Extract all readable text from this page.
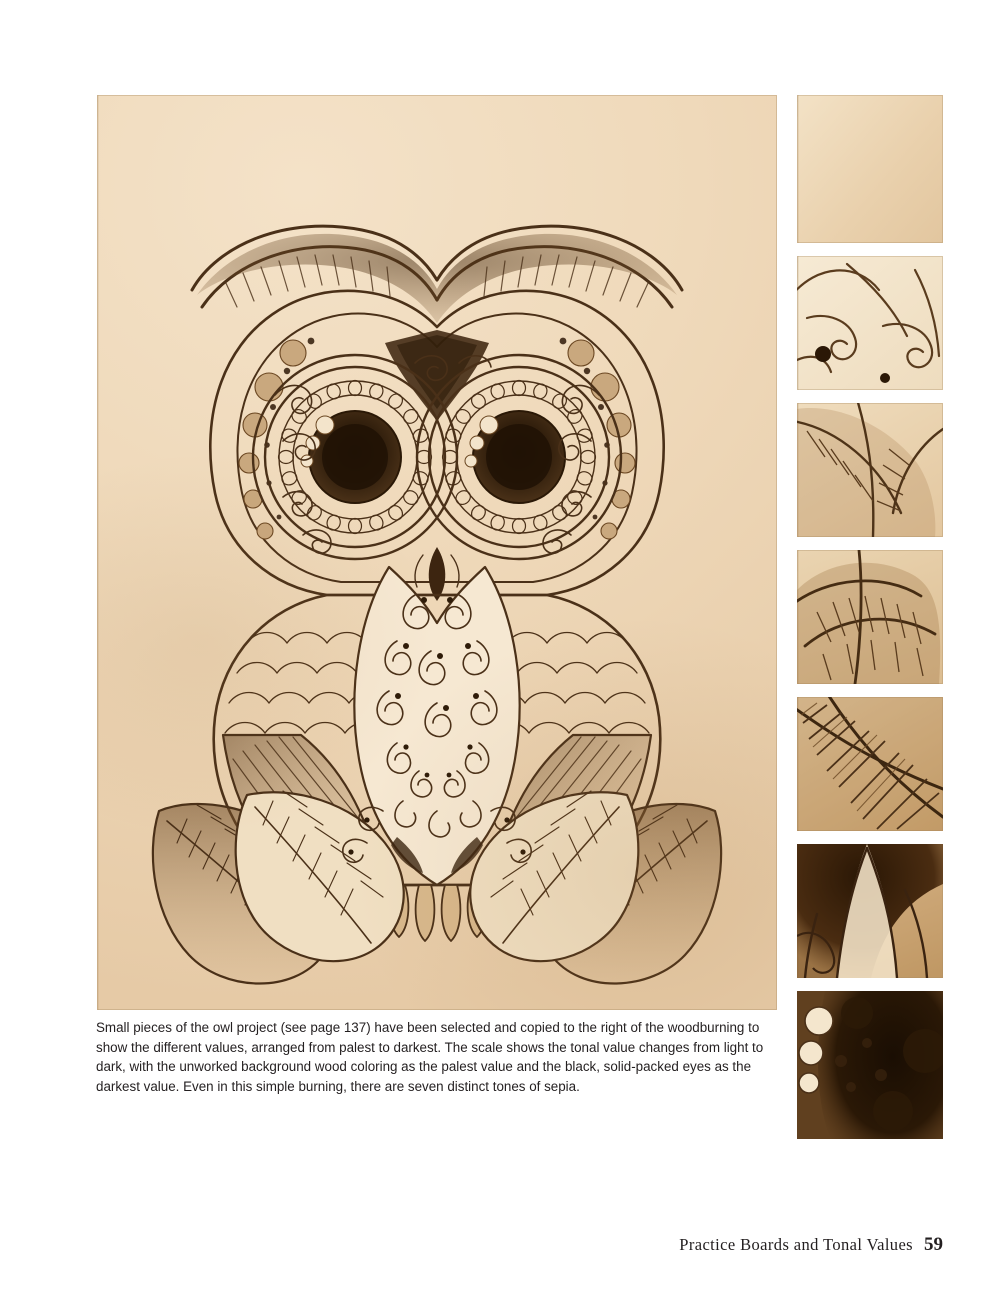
Small pieces of the owl project (see page 137) have been selected and copied to the right of the woodburning to show the different values, arranged from palest to darkest. The scale shows the tonal value changes from light to dark, with the unworked background wood coloring as the palest value and the black, solid-packed eyes as the darkest value. Even in this simple burning, there are seven distinct tones of sepia.
Practice Boards and Tonal Values 59
